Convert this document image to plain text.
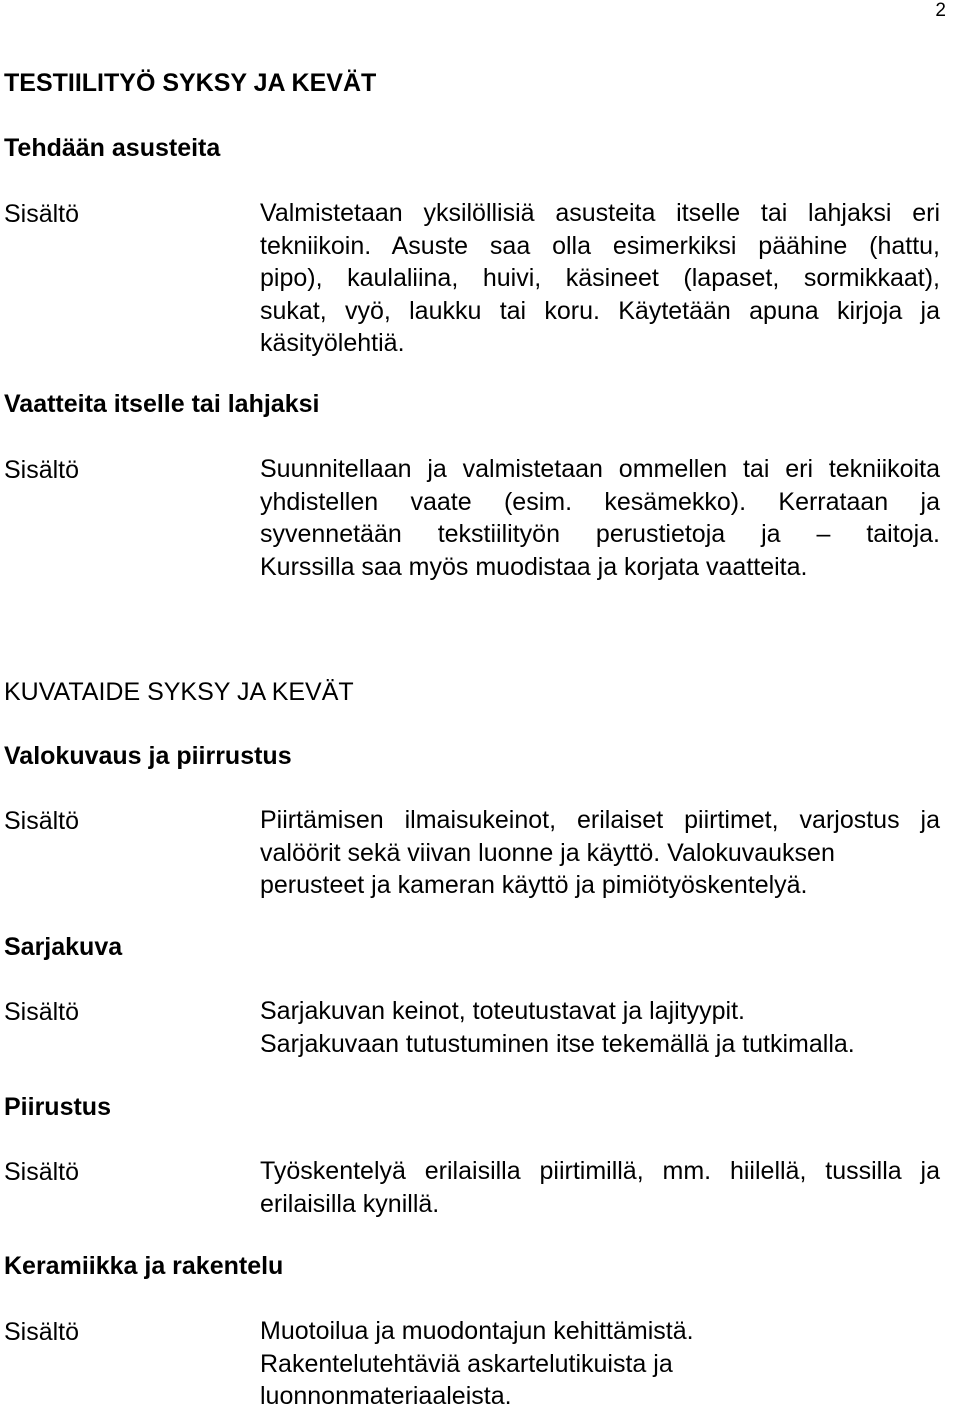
2
TESTIILITYÖ SYKSY JA KEVÄT
Tehdään asusteita
Sisältö	Valmistetaan yksilöllisiä asusteita itselle tai lahjaksi eri
tekniikoin. Asuste saa olla esimerkiksi päähine (hattu,
pipo), kaulaliina, huivi, käsineet (lapaset, sormikkaat),
sukat, vyö, laukku tai koru. Käytetään apuna kirjoja ja
käsityölehtiä.
Vaatteita itselle tai lahjaksi
Sisältö	Suunnitellaan ja valmistetaan ommellen tai eri tekniikoita
yhdistellen vaate (esim. kesämekko). Kerrataan ja
syvennetään tekstiilityön perustietoja ja – taitoja.
Kurssilla saa myös muodistaa ja korjata vaatteita.
KUVATAIDE SYKSY JA KEVÄT
Valokuvaus ja piirrustus
Sisältö	Piirtämisen ilmaisukeinot, erilaiset piirtimet, varjostus ja
valöörit sekä viivan luonne ja käyttö. Valokuvauksen
perusteet ja kameran käyttö ja pimiötyöskentelyä.
Sarjakuva
Sisältö	Sarjakuvan keinot, toteutustavat ja lajityypit.
Sarjakuvaan tutustuminen itse tekemällä ja tutkimalla.
Piirustus
Sisältö	Työskentelyä erilaisilla piirtimillä, mm. hiilellä, tussilla ja
erilaisilla kynillä.
Keramiikka ja rakentelu
Sisältö	Muotoilua ja muodontajun kehittämistä.
Rakentelutehtäviä askartelutikuista ja
luonnonmateriaaleista.
